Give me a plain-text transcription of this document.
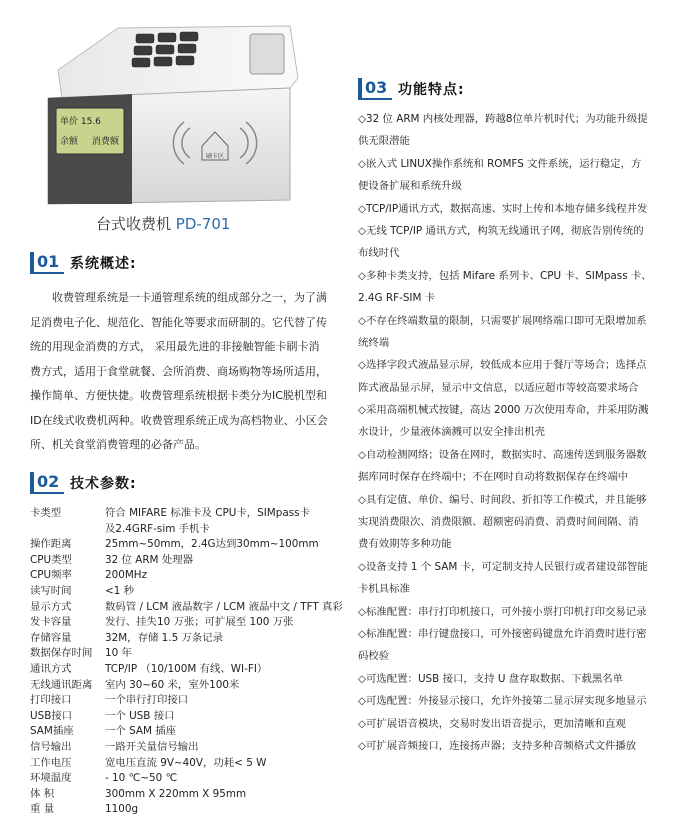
单价 15.6
余额 消费额
刷卡区
台式收费机 PD-701
01 系统概述:
收费管理系统是一卡通管理系统的组成部分之一，为了满
足消费电子化、规范化、智能化等要求而研制的。它代替了传
统的用现金消费的方式， 采用最先进的非接触智能卡刷卡消
费方式，适用于食堂就餐、会所消费、商场购物等场所适用，
操作简单、方便快捷。收费管理系统根据卡类分为IC脱机型和
ID在线式收费机两种。收费管理系统正成为高档物业、小区会
所、机关食堂消费管理的必备产品。
02 技术参数:
卡类型	符合 MIFARE 标准卡及 CPU卡，SIMpass卡
及2.4GRF-sim 手机卡
操作距离	25mm~50mm，2.4G达到30mm~100mm
CPU类型	32 位 ARM 处理器
CPU频率	200MHz
读写时间	<1 秒
显示方式	数码管 / LCM 液晶数字 / LCM 液晶中文 / TFT 真彩
发卡容量	发行、挂失10 万张；可扩展至 100 万张
存储容量	32M，存储 1.5 万条记录
数据保存时间	10 年
通讯方式	TCP/IP （10/100M 有线、WI-FI）
无线通讯距离	室内 30~60 米，室外100米
打印接口	一个串行打印接口
USB接口	一个 USB 接口
SAM插座	一个 SAM 插座
信号输出	一路开关量信号输出
工作电压	宽电压直流 9V~40V，功耗< 5 W
环境温度	- 10 ℃~50 ℃
体 积	300mm X 220mm X 95mm
重 量	1100g
03 功能特点:
◇32 位 ARM 内核处理器，跨越8位单片机时代；为功能升级提
供无限潜能
◇嵌入式 LINUX操作系统和 ROMFS 文件系统，运行稳定，方
便设备扩展和系统升级
◇TCP/IP通讯方式，数据高速、实时上传和本地存储多线程并发
◇无线 TCP/IP 通讯方式，构筑无线通讯子网，彻底告别传统的
布线时代
◇多种卡类支持，包括 Mifare 系列卡、CPU 卡、SIMpass 卡、
2.4G RF-SIM 卡
◇不存在终端数量的限制，只需要扩展网络端口即可无限增加系
统终端
◇选择字段式液晶显示屏，较低成本应用于餐厅等场合；选择点
阵式液晶显示屏，显示中文信息，以适应超市等较高要求场合
◇采用高端机械式按键，高达 2000 万次使用寿命，并采用防溅
水设计，少量液体滴溅可以安全排出机壳
◇自动检测网络；设备在网时，数据实时、高速传送到服务器数
据库同时保存在终端中；不在网时自动将数据保存在终端中
◇具有定值、单价、编号、时间段、折扣等工作模式，并且能够
实现消费限次、消费限额、超额密码消费、消费时间间隔、消
费有效期等多种功能
◇设备支持 1 个 SAM 卡，可定制支持人民银行或者建设部智能
卡机具标准
◇标准配置：串行打印机接口，可外接小票打印机打印交易记录
◇标准配置：串行键盘接口，可外接密码键盘允许消费时进行密
码校验
◇可选配置：USB 接口，支持 U 盘存取数据、下载黑名单
◇可选配置：外接显示接口，允许外接第二显示屏实现多地显示
◇可扩展语音模块，交易时发出语音提示，更加清晰和直观
◇可扩展音频接口，连接扬声器；支持多种音频格式文件播放
